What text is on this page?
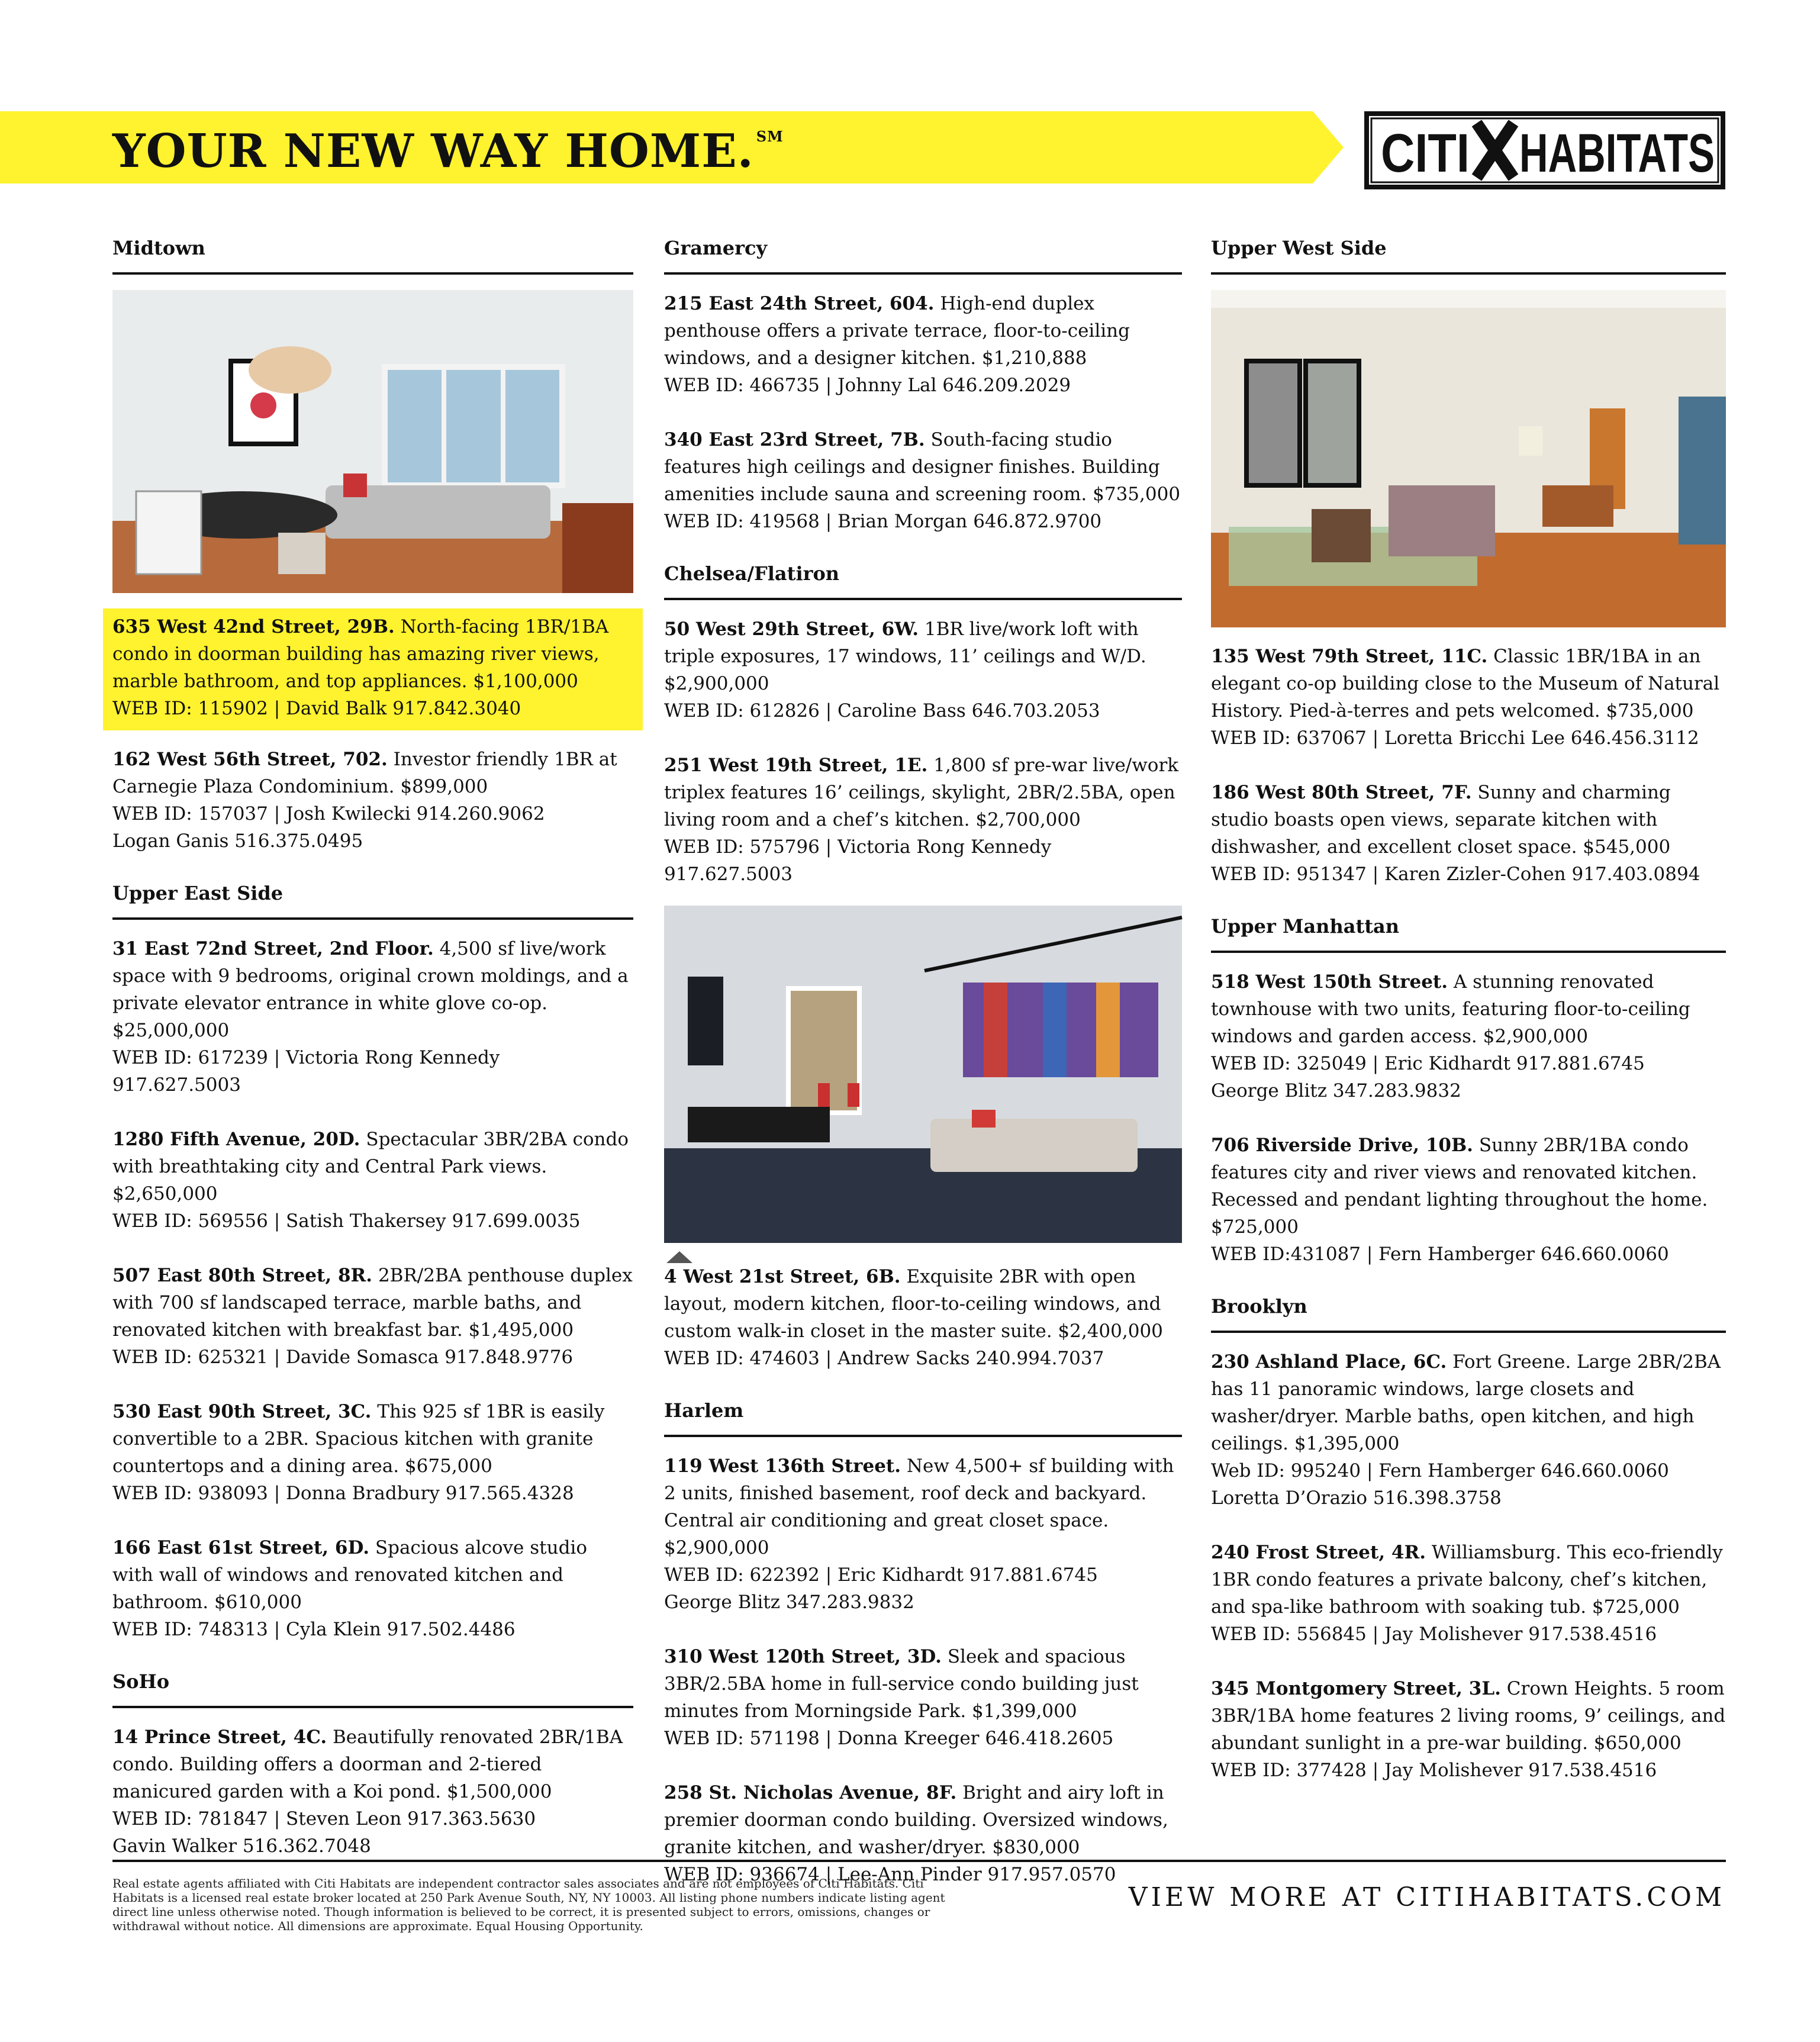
YOUR NEW WAY HOME. ℠	CITI HABITATS
Midtown
635 West 42nd Street, 29B. North-facing 1BR/1BA condo in doorman building has amazing river views, marble bathroom, and top appliances. $1,100,000
WEB ID: 115902 | David Balk 917.842.3040
162 West 56th Street, 702. Investor friendly 1BR at Carnegie Plaza Condominium. $899,000
WEB ID: 157037 | Josh Kwilecki 914.260.9062
Logan Ganis 516.375.0495
Upper East Side
31 East 72nd Street, 2nd Floor. 4,500 sf live/work space with 9 bedrooms, original crown moldings, and a private elevator entrance in white glove co-op. $25,000,000
WEB ID: 617239 | Victoria Rong Kennedy 917.627.5003
1280 Fifth Avenue, 20D. Spectacular 3BR/2BA condo with breathtaking city and Central Park views. $2,650,000
WEB ID: 569556 | Satish Thakersey 917.699.0035
507 East 80th Street, 8R. 2BR/2BA penthouse duplex with 700 sf landscaped terrace, marble baths, and renovated kitchen with breakfast bar. $1,495,000
WEB ID: 625321 | Davide Somasca 917.848.9776
530 East 90th Street, 3C. This 925 sf 1BR is easily convertible to a 2BR. Spacious kitchen with granite countertops and a dining area. $675,000
WEB ID: 938093 | Donna Bradbury 917.565.4328
166 East 61st Street, 6D. Spacious alcove studio with wall of windows and renovated kitchen and bathroom. $610,000
WEB ID: 748313 | Cyla Klein 917.502.4486
SoHo
14 Prince Street, 4C. Beautifully renovated 2BR/1BA condo. Building offers a doorman and 2-tiered manicured garden with a Koi pond. $1,500,000
WEB ID: 781847 | Steven Leon 917.363.5630
Gavin Walker 516.362.7048
Gramercy
215 East 24th Street, 604. High-end duplex penthouse offers a private terrace, floor-to-ceiling windows, and a designer kitchen. $1,210,888
WEB ID: 466735 | Johnny Lal 646.209.2029
340 East 23rd Street, 7B. South-facing studio features high ceilings and designer finishes. Building amenities include sauna and screening room. $735,000
WEB ID: 419568 | Brian Morgan 646.872.9700
Chelsea/Flatiron
50 West 29th Street, 6W. 1BR live/work loft with triple exposures, 17 windows, 11’ ceilings and W/D. $2,900,000
WEB ID: 612826 | Caroline Bass 646.703.2053
251 West 19th Street, 1E. 1,800 sf pre-war live/work triplex features 16’ ceilings, skylight, 2BR/2.5BA, open living room and a chef’s kitchen. $2,700,000
WEB ID: 575796 | Victoria Rong Kennedy 917.627.5003
4 West 21st Street, 6B. Exquisite 2BR with open layout, modern kitchen, floor-to-ceiling windows, and custom walk-in closet in the master suite. $2,400,000
WEB ID: 474603 | Andrew Sacks 240.994.7037
Harlem
119 West 136th Street. New 4,500+ sf building with 2 units, finished basement, roof deck and backyard. Central air conditioning and great closet space. $2,900,000
WEB ID: 622392 | Eric Kidhardt 917.881.6745
George Blitz 347.283.9832
310 West 120th Street, 3D. Sleek and spacious 3BR/2.5BA home in full-service condo building just minutes from Morningside Park. $1,399,000
WEB ID: 571198 | Donna Kreeger 646.418.2605
258 St. Nicholas Avenue, 8F. Bright and airy loft in premier doorman condo building. Oversized windows, granite kitchen, and washer/dryer. $830,000
WEB ID: 936674 | Lee-Ann Pinder 917.957.0570
Upper West Side
135 West 79th Street, 11C. Classic 1BR/1BA in an elegant co-op building close to the Museum of Natural History. Pied-à-terres and pets welcomed. $735,000
WEB ID: 637067 | Loretta Bricchi Lee 646.456.3112
186 West 80th Street, 7F. Sunny and charming studio boasts open views, separate kitchen with dishwasher, and excellent closet space. $545,000
WEB ID: 951347 | Karen Zizler-Cohen 917.403.0894
Upper Manhattan
518 West 150th Street. A stunning renovated townhouse with two units, featuring floor-to-ceiling windows and garden access. $2,900,000
WEB ID: 325049 | Eric Kidhardt 917.881.6745
George Blitz 347.283.9832
706 Riverside Drive, 10B. Sunny 2BR/1BA condo features city and river views and renovated kitchen. Recessed and pendant lighting throughout the home. $725,000
WEB ID:431087 | Fern Hamberger 646.660.0060
Brooklyn
230 Ashland Place, 6C. Fort Greene. Large 2BR/2BA has 11 panoramic windows, large closets and washer/dryer. Marble baths, open kitchen, and high ceilings. $1,395,000
Web ID: 995240 | Fern Hamberger 646.660.0060
Loretta D’Orazio 516.398.3758
240 Frost Street, 4R. Williamsburg. This eco-friendly 1BR condo features a private balcony, chef’s kitchen, and spa-like bathroom with soaking tub. $725,000
WEB ID: 556845 | Jay Molishever 917.538.4516
345 Montgomery Street, 3L. Crown Heights. 5 room 3BR/1BA home features 2 living rooms, 9’ ceilings, and abundant sunlight in a pre-war building. $650,000
WEB ID: 377428 | Jay Molishever 917.538.4516
Real estate agents affiliated with Citi Habitats are independent contractor sales associates and are not employees of Citi Habitats. Citi Habitats is a licensed real estate broker located at 250 Park Avenue South, NY, NY 10003. All listing phone numbers indicate listing agent direct line unless otherwise noted. Though information is believed to be correct, it is presented subject to errors, omissions, changes or withdrawal without notice. All dimensions are approximate. Equal Housing Opportunity.
VIEW MORE AT CITIHABITATS.COM
